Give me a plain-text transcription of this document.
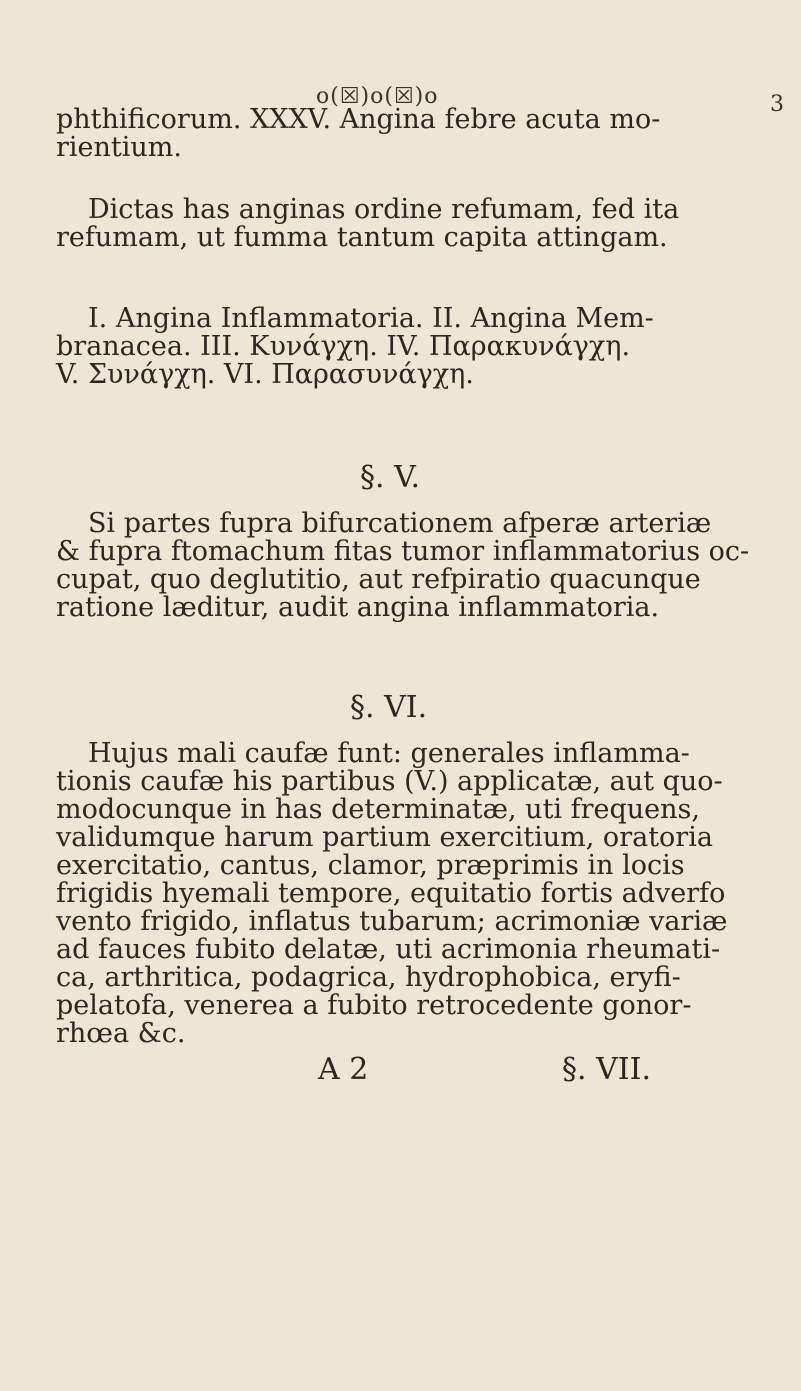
o(☒)o(☒)o	3
phthificorum. XXXV. Angina febre acuta mo-
rientium.
Dictas has anginas ordine refumam, fed ita
refumam, ut fumma tantum capita attingam.
I. Angina Inflammatoria. II. Angina Mem-
branacea. III. Κυνάγχη. IV. Παρακυνάγχη.
V. Συνάγχη. VI. Παρασυνάγχη.
§. V.
Si partes fupra bifurcationem afperæ arteriæ
& fupra ftomachum fitas tumor inflammatorius oc-
cupat, quo deglutitio, aut refpiratio quacunque
ratione læditur, audit angina inflammatoria.
§. VI.
Hujus mali caufæ funt: generales inflamma-
tionis caufæ his partibus (V.) applicatæ, aut quo-
modocunque in has determinatæ, uti frequens,
validumque harum partium exercitium, oratoria
exercitatio, cantus, clamor, præprimis in locis
frigidis hyemali tempore, equitatio fortis adverfo
vento frigido, inflatus tubarum; acrimoniæ variæ
ad fauces fubito delatæ, uti acrimonia rheumati-
ca, arthritica, podagrica, hydrophobica, eryfi-
pelatofa, venerea a fubito retrocedente gonor-
rhœa &c.
A 2	§. VII.
